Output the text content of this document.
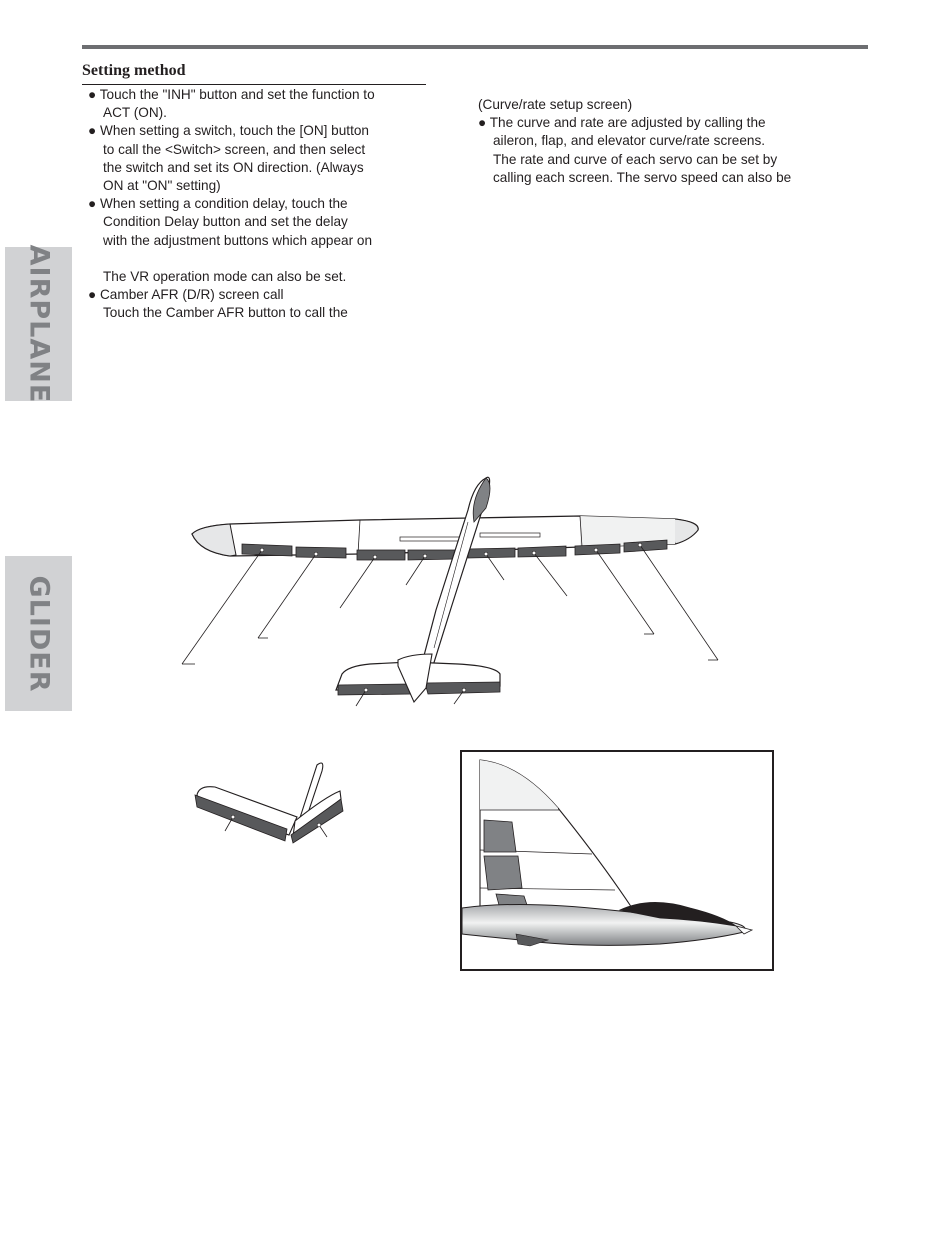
AIRPLANE
GLIDER
Setting method
● Touch the "INH" button and set the function to
ACT (ON).
● When setting a switch, touch the [ON] button
to call the <Switch> screen, and then select
the switch and set its ON direction. (Always
ON at "ON" setting)
● When setting a condition delay, touch the
Condition Delay button and set the delay
with the adjustment buttons which appear on

The VR operation mode can also be set.
● Camber AFR (D/R) screen call
Touch the Camber AFR button to call the
(Curve/rate setup screen)
● The curve and rate are adjusted by calling the
aileron, flap, and elevator curve/rate screens.
The rate and curve of each servo can be set by
calling each screen. The servo speed can also be
